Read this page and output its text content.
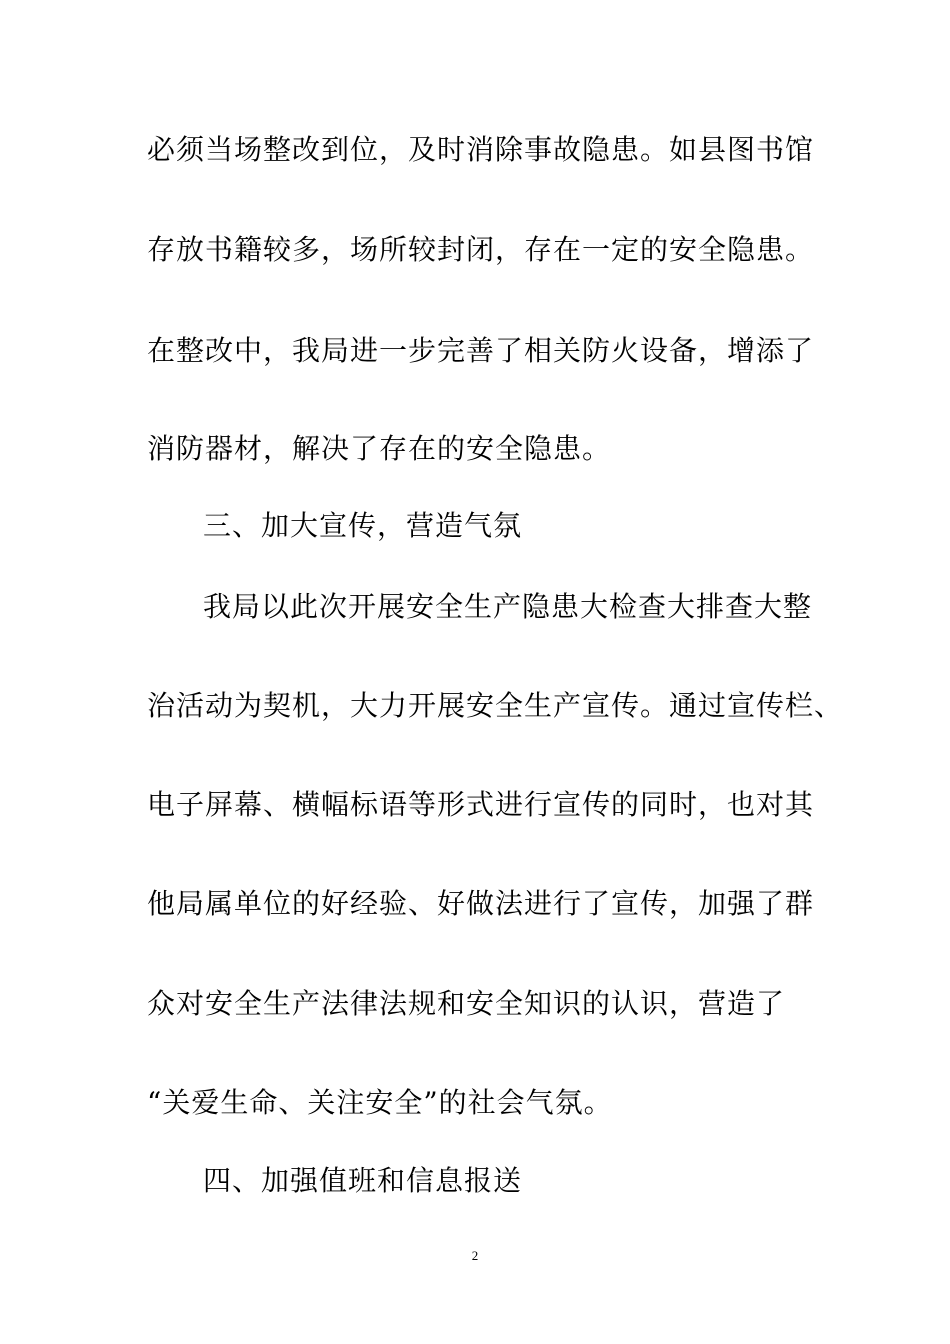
必须当场整改到位，及时消除事故隐患。如县图书馆
存放书籍较多，场所较封闭，存在一定的安全隐患。
在整改中，我局进一步完善了相关防火设备，增添了
消防器材，解决了存在的安全隐患。
三、加大宣传，营造气氛
我局以此次开展安全生产隐患大检查大排查大整
治活动为契机，大力开展安全生产宣传。通过宣传栏、
电子屏幕、横幅标语等形式进行宣传的同时，也对其
他局属单位的好经验、好做法进行了宣传，加强了群
众对安全生产法律法规和安全知识的认识，营造了
“关爱生命、关注安全”的社会气氛。
四、加强值班和信息报送
2
